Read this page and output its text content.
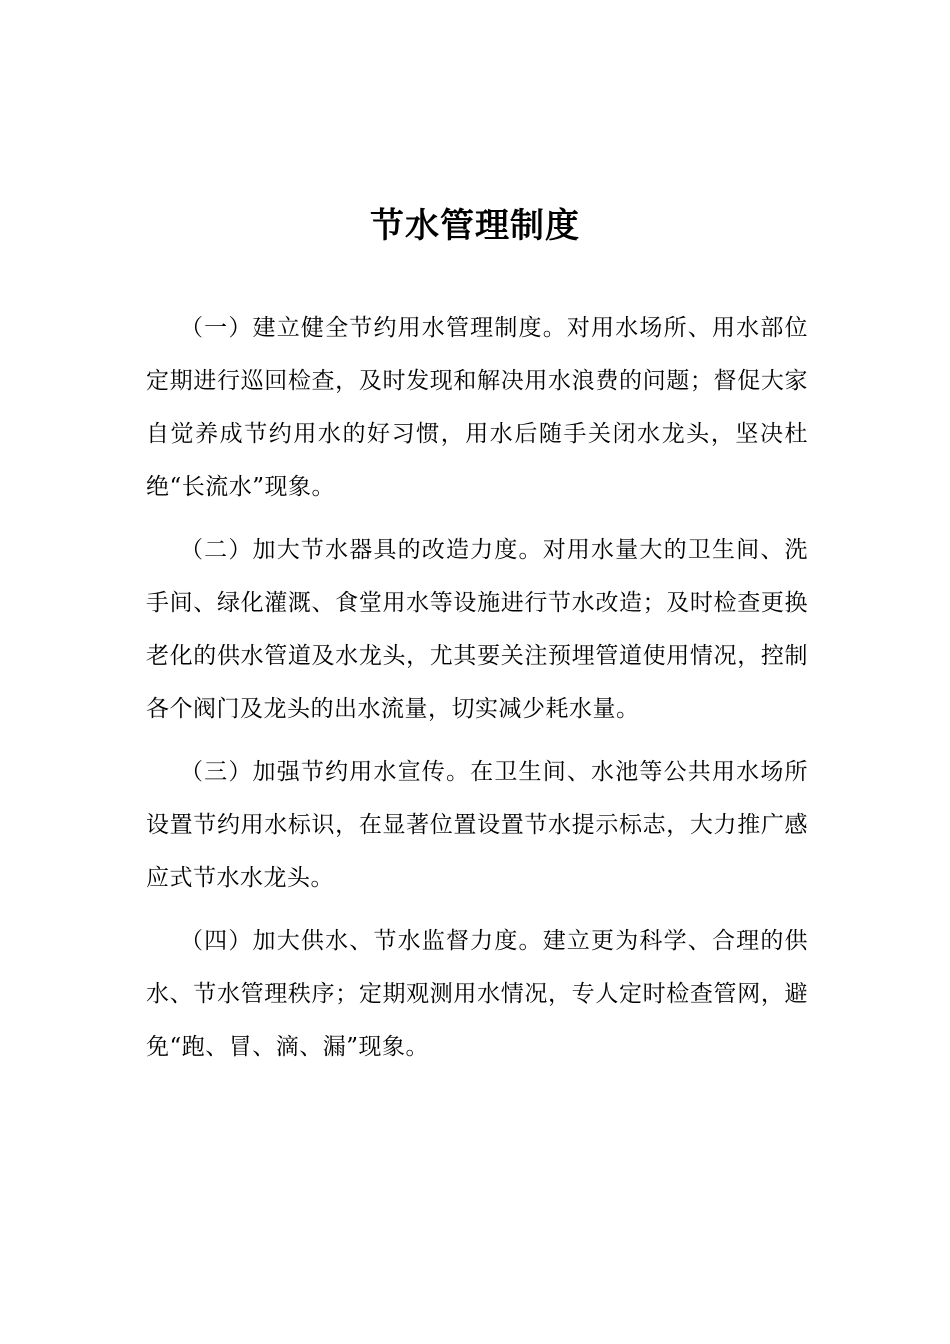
节水管理制度

（一）建立健全节约用水管理制度。对用水场所、用水部位定期进行巡回检查，及时发现和解决用水浪费的问题；督促大家自觉养成节约用水的好习惯，用水后随手关闭水龙头，坚决杜绝“长流水”现象。

（二）加大节水器具的改造力度。对用水量大的卫生间、洗手间、绿化灌溉、食堂用水等设施进行节水改造；及时检查更换老化的供水管道及水龙头，尤其要关注预埋管道使用情况，控制各个阀门及龙头的出水流量，切实减少耗水量。

（三）加强节约用水宣传。在卫生间、水池等公共用水场所设置节约用水标识，在显著位置设置节水提示标志，大力推广感应式节水水龙头。

（四）加大供水、节水监督力度。建立更为科学、合理的供水、节水管理秩序；定期观测用水情况，专人定时检查管网，避免“跑、冒、滴、漏”现象。
